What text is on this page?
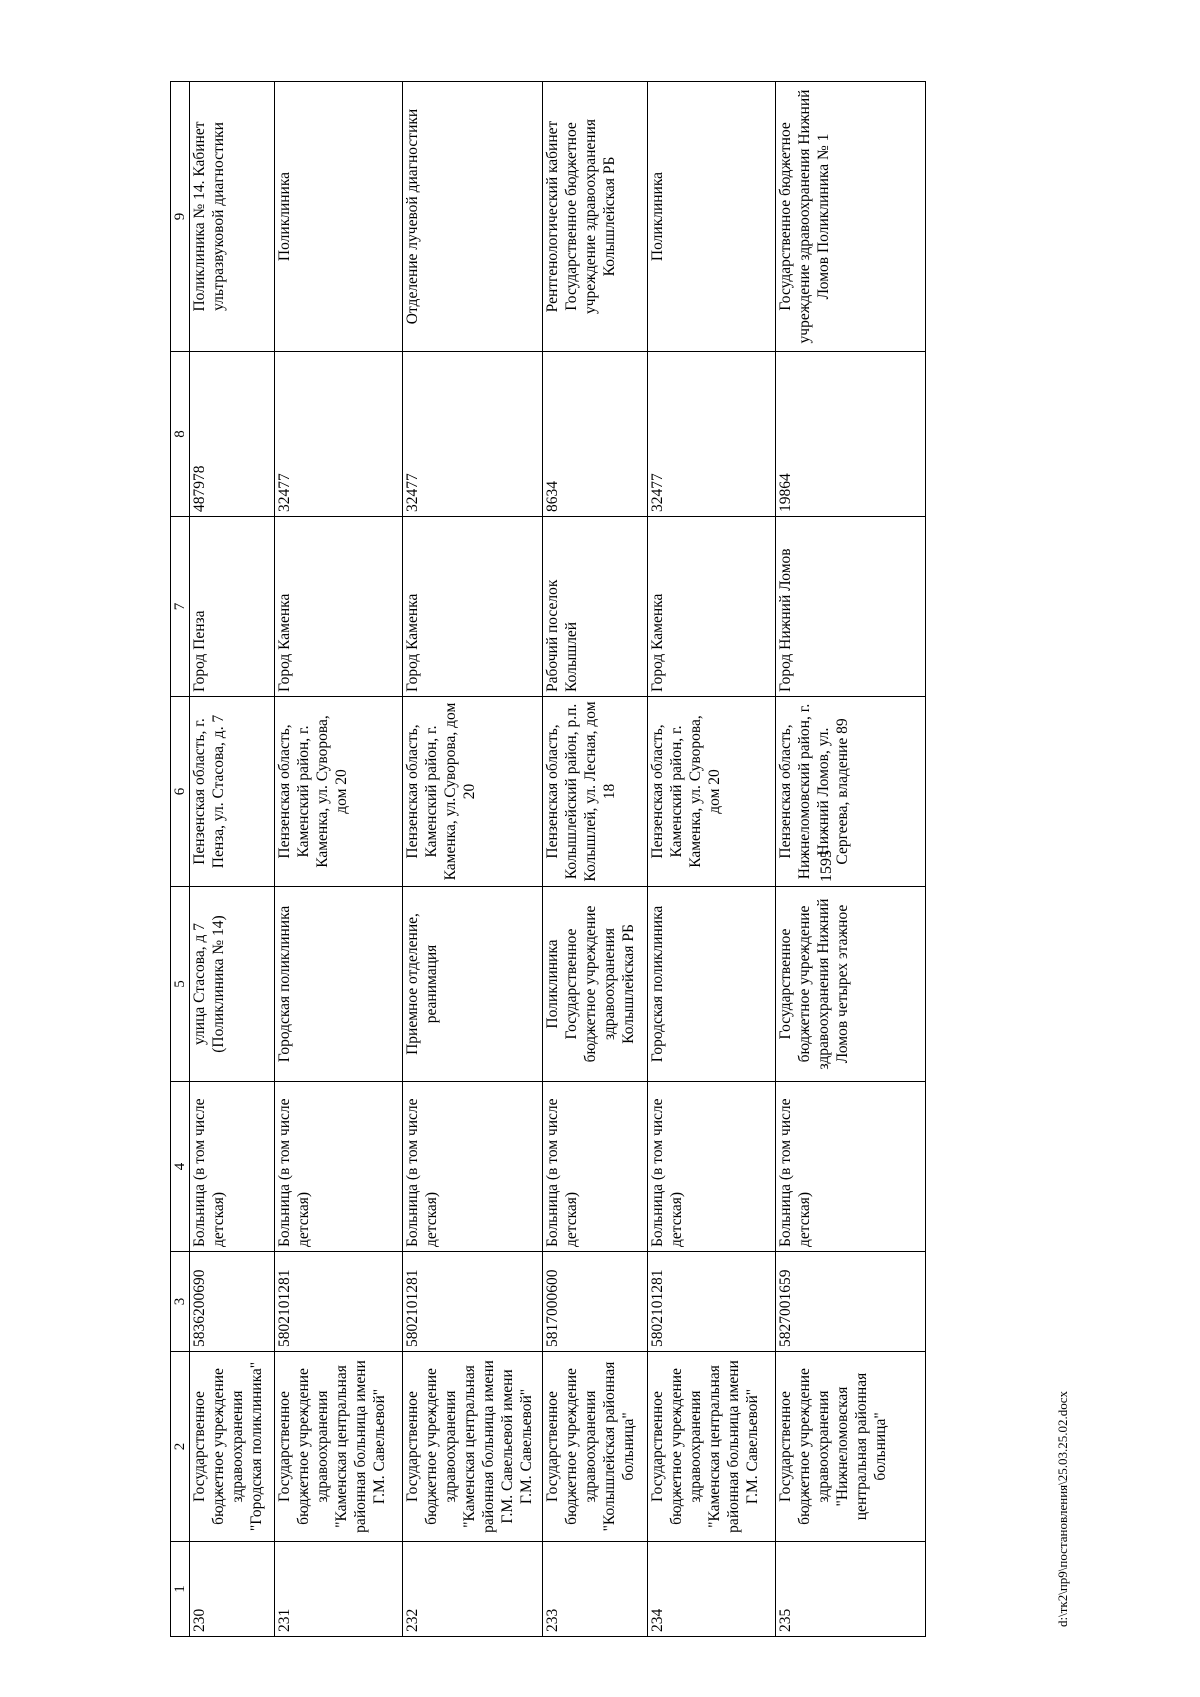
1595
1	2	3	4	5	6	7	8	9
230	Государственное бюджетное учреждение здравоохранения "Городская поликлиника"	5836200690	Больница (в том числе детская)	улица Стасова, д 7 (Поликлиника № 14)	Пензенская область, г. Пенза, ул. Стасова, д. 7	Город Пенза	487978	Поликлиника № 14. Кабинет ультразвуковой диагностики
231	Государственное бюджетное учреждение здравоохранения "Каменская центральная районная больница имени Г.М. Савельевой"	5802101281	Больница (в том числе детская)	Городская поликлиника	Пензенская область, Каменский район, г. Каменка, ул. Суворова, дом 20	Город Каменка	32477	Поликлиника
232	Государственное бюджетное учреждение здравоохранения "Каменская центральная районная больница имени Г.М. Савельевой имени Г.М. Савельевой"	5802101281	Больница (в том числе детская)	Приемное отделение, реанимация	Пензенская область, Каменский район, г. Каменка, ул.Суворова, дом 20	Город Каменка	32477	Отделение лучевой диагностики
233	Государственное бюджетное учреждение здравоохранения "Колышлейская районная больница"	5817000600	Больница (в том числе детская)	Поликлиника Государственное бюджетное учреждение здравоохранения Колышлейская РБ	Пензенская область, Колышлейский район, р.п. Колышлей, ул. Лесная, дом 18	Рабочий поселок Колышлей	8634	Рентгенологический кабинет Государственное бюджетное учреждение здравоохранения Колышлейская РБ
234	Государственное бюджетное учреждение здравоохранения "Каменская центральная районная больница имени Г.М. Савельевой"	5802101281	Больница (в том числе детская)	Городская поликлиника	Пензенская область, Каменский район, г. Каменка, ул. Суворова, дом 20	Город Каменка	32477	Поликлиника
235	Государственное бюджетное учреждение здравоохранения "Нижнеломовская центральная районная больница"	5827001659	Больница (в том числе детская)	Государственное бюджетное учреждение здравоохранения Нижний Ломов четырех этажное	Пензенская область, Нижнеломовский район, г. Нижний Ломов, ул. Сергеева, владение 89	Город Нижний Ломов	19864	Государственное бюджетное учреждение здравоохранения Нижний Ломов Поликлиника № 1
d:\тк2\пр9\постановления\25.03.25.02.docx
